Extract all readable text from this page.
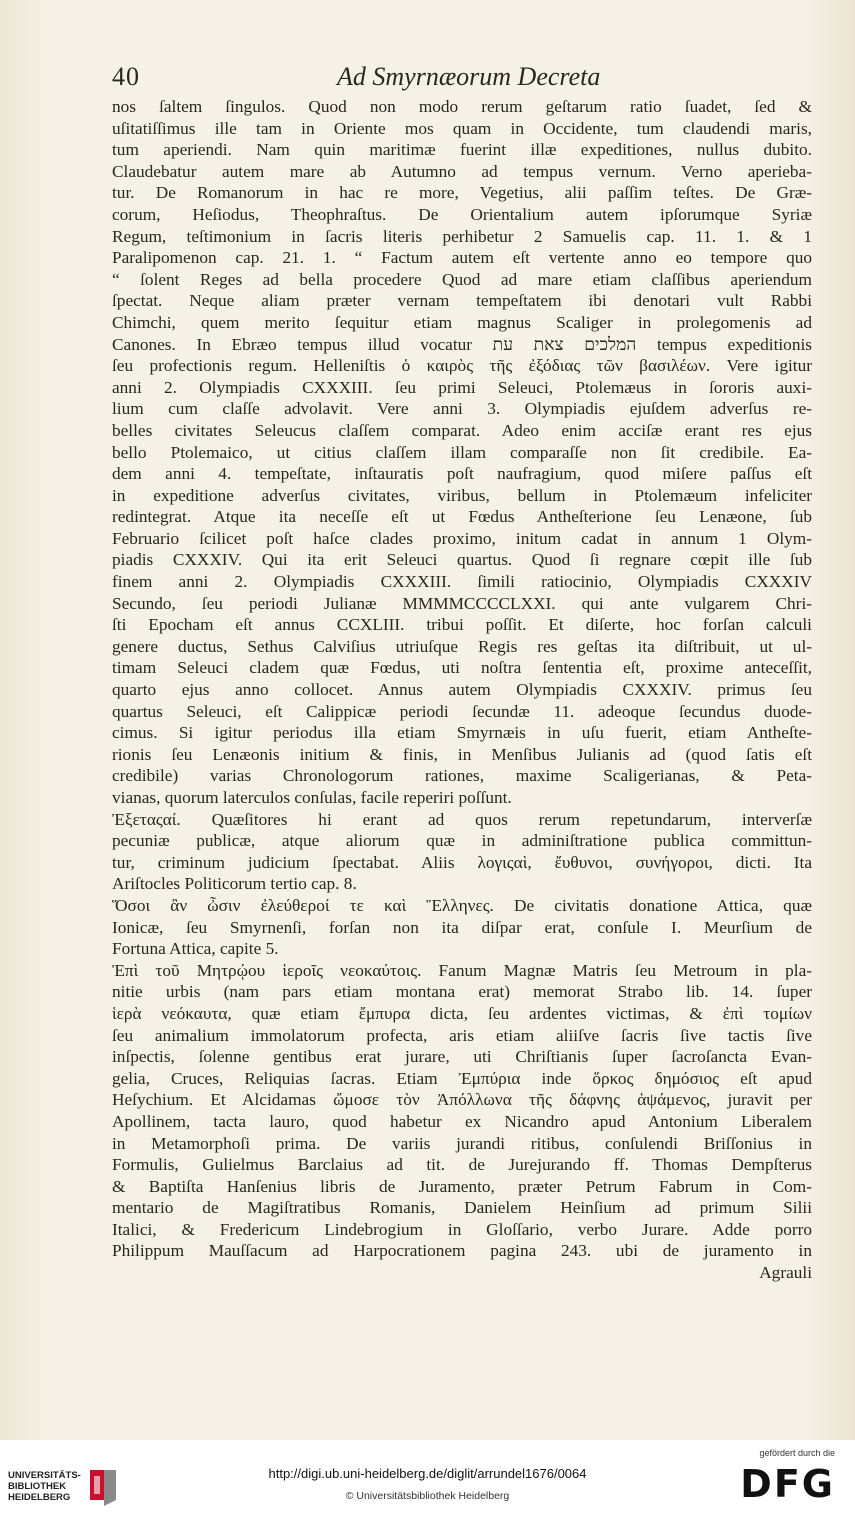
40	Ad Smyrnæorum Decreta
nos ſaltem ſingulos. Quod non modo rerum geſtarum ratio ſuadet, ſed &
uſitatiſſimus ille tam in Oriente mos quam in Occidente, tum claudendi maris,
tum aperiendi. Nam quin maritimæ fuerint illæ expeditiones, nullus dubito.
Claudebatur autem mare ab Autumno ad tempus vernum. Verno aperieba-
tur. De Romanorum in hac re more, Vegetius, alii paſſim teſtes. De Græ-
corum, Heſiodus, Theophraſtus. De Orientalium autem ipſorumque Syriæ
Regum, teſtimonium in ſacris literis perhibetur 2 Samuelis cap. 11. 1. & 1
Paralipomenon cap. 21. 1. “ Factum autem eſt vertente anno eo tempore quo
“ ſolent Reges ad bella procedere Quod ad mare etiam claſſibus aperiendum
ſpectat. Neque aliam præter vernam tempeſtatem ibi denotari vult Rabbi
Chimchi, quem merito ſequitur etiam magnus Scaliger in prolegomenis ad
Canones. In Ebræo tempus illud vocatur המלכים צאת עת tempus expeditionis
ſeu profectionis regum. Helleniſtis ὁ καιρὸς τῆς ἐξόδιας τῶν βασιλέων. Vere igitur
anni 2. Olympiadis CXXXIII. ſeu primi Seleuci, Ptolemæus in ſororis auxi-
lium cum claſſe advolavit. Vere anni 3. Olympiadis ejuſdem adverſus re-
belles civitates Seleucus claſſem comparat. Adeo enim acciſæ erant res ejus
bello Ptolemaico, ut citius claſſem illam comparaſſe non ſit credibile. Ea-
dem anni 4. tempeſtate, inſtauratis poſt naufragium, quod miſere paſſus eſt
in expeditione adverſus civitates, viribus, bellum in Ptolemæum infeliciter
redintegrat. Atque ita neceſſe eſt ut Fœdus Antheſterione ſeu Lenæone, ſub
Februario ſcilicet poſt haſce clades proximo, initum cadat in annum 1 Olym-
piadis CXXXIV. Qui ita erit Seleuci quartus. Quod ſi regnare cœpit ille ſub
finem anni 2. Olympiadis CXXXIII. ſimili ratiocinio, Olympiadis CXXXIV
Secundo, ſeu periodi Julianæ MMMMCCCCLXXI. qui ante vulgarem Chri-
ſti Epocham eſt annus CCXLIII. tribui poſſit. Et diſerte, hoc forſan calculi
genere ductus, Sethus Calviſius utriuſque Regis res geſtas ita diſtribuit, ut ul-
timam Seleuci cladem quæ Fœdus, uti noſtra ſententia eſt, proxime anteceſſit,
quarto ejus anno collocet. Annus autem Olympiadis CXXXIV. primus ſeu
quartus Seleuci, eſt Calippicæ periodi ſecundæ 11. adeoque ſecundus duode-
cimus. Si igitur periodus illa etiam Smyrnæis in uſu fuerit, etiam Antheſte-
rionis ſeu Lenæonis initium & finis, in Menſibus Julianis ad (quod ſatis eſt
credibile) varias Chronologorum rationes, maxime Scaligerianas, & Peta-
vianas, quorum laterculos conſulas, facile reperiri poſſunt.
Ἐξεταςαί. Quæſitores hi erant ad quos rerum repetundarum, interverſæ
pecuniæ publicæ, atque aliorum quæ in adminiſtratione publica committun-
tur, criminum judicium ſpectabat. Aliis λογιςαὶ, ἔυθυνοι, συνήγοροι, dicti. Ita
Ariſtocles Politicorum tertio cap. 8.
Ὅσοι ἂν ὦσιν ἐλεύθεροί τε καὶ Ἕλληνες. De civitatis donatione Attica, quæ
Ionicæ, ſeu Smyrnenſi, forſan non ita diſpar erat, conſule I. Meurſium de
Fortuna Attica, capite 5.
Ἐπὶ τοῦ Μητρῴου ἱεροῖς νεοκαύτοις. Fanum Magnæ Matris ſeu Metroum in pla-
nitie urbis (nam pars etiam montana erat) memorat Strabo lib. 14. ſuper
ἱερὰ νεόκαυτα, quæ etiam ἔμπυρα dicta, ſeu ardentes victimas, & ἐπὶ τομίων
ſeu animalium immolatorum profecta, aris etiam aliiſve ſacris ſive tactis ſive
inſpectis, ſolenne gentibus erat jurare, uti Chriſtianis ſuper ſacroſancta Evan-
gelia, Cruces, Reliquias ſacras. Etiam Ἐμπύρια inde ὅρκος δημόσιος eſt apud
Heſychium. Et Alcidamas ὤμοσε τὸν Ἀπόλλωνα τῆς δάφνης ἁψάμενος, juravit per
Apollinem, tacta lauro, quod habetur ex Nicandro apud Antonium Liberalem
in Metamorphoſi prima. De variis jurandi ritibus, conſulendi Briſſonius in
Formulis, Gulielmus Barclaius ad tit. de Jurejurando ff. Thomas Dempſterus
& Baptiſta Hanſenius libris de Juramento, præter Petrum Fabrum in Com-
mentario de Magiſtratibus Romanis, Danielem Heinſium ad primum Silii
Italici, & Fredericum Lindebrogium in Gloſſario, verbo Jurare. Adde porro
Philippum Mauſſacum ad Harpocrationem pagina 243. ubi de juramento in
Agrauli
UNIVERSITÄTS-
BIBLIOTHEK
HEIDELBERG
http://digi.ub.uni-heidelberg.de/diglit/arrundel1676/0064
© Universitätsbibliothek Heidelberg
gefördert durch die
DFG
